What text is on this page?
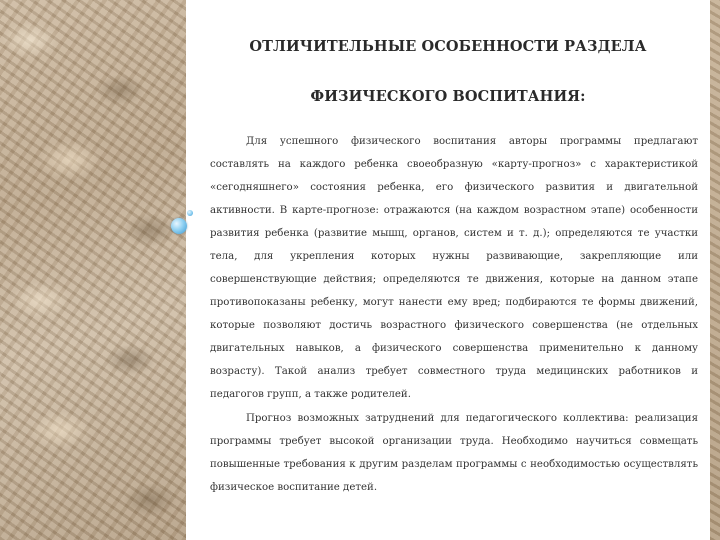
ОТЛИЧИТЕЛЬНЫЕ ОСОБЕННОСТИ РАЗДЕЛА
ФИЗИЧЕСКОГО ВОСПИТАНИЯ:

Для успешного физического воспитания авторы программы предлагают составлять на каждого ребенка своеобразную «карту-прогноз» с характеристикой «сегодняшнего» состояния ребенка, его физического развития и двигательной активности. В карте-прогнозе: отражаются (на каждом возрастном этапе) особенности развития ребенка (развитие мышц, органов, систем и т. д.); определяются те участки тела, для укрепления которых нужны развивающие, закрепляющие или совершенствующие действия; определяются те движения, которые на данном этапе противопоказаны ребенку, могут нанести ему вред; подбираются те формы движений, которые позволяют достичь возрастного физического совершенства (не отдельных двигательных навыков, а физического совершенства применительно к данному возрасту). Такой анализ требует совместного труда медицинских работников и педагогов групп, а также родителей.

Прогноз возможных затруднений для педагогического коллектива: реализация программы требует высокой организации труда. Необходимо научиться совмещать повышенные требования к другим разделам программы с необходимостью осуществлять физическое воспитание детей.
